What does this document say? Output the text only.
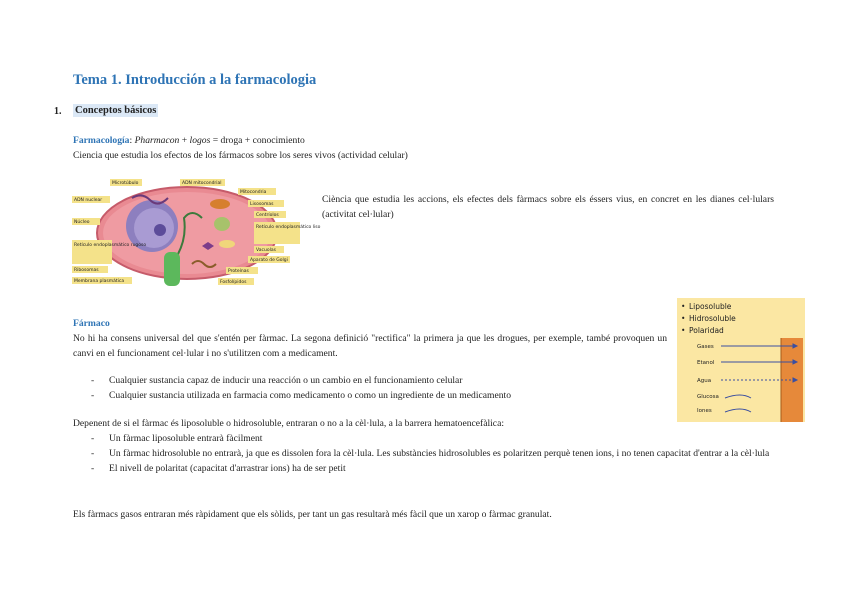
Tema 1. Introducción a la farmacologia
1. Conceptos básicos
Farmacología: Pharmacon + logos = droga + conocimiento
Ciencia que estudia los efectos de los fármacos sobre los seres vivos (actividad celular)
Microtúbulo	ADN mitocondrial
Mitocondria
Lisosomas
Centríolos
Retículo endoplasmático liso
Vacuolas
Aparato de Golgi
Proteínas
Fosfolípidos
ADN nuclear
Núcleo
Retículo endoplasmático rugoso
Ribosomas
Membrana plasmática
Ciència que estudia les accions, els efectes dels fàrmacs sobre els éssers vius, en concret en les dianes cel·lulars (activitat cel·lular)
• Liposoluble
• Hidrosoluble
• Polaridad
Gases
Etanol
Agua
Glucosa
Iones
Fármaco
No hi ha consens universal del que s'entén per fàrmac. La segona definició "rectifica" la primera ja que les drogues, per exemple, també provoquen un canvi en el funcionament cel·lular i no s'utilitzen com a medicament.
- Cualquier sustancia capaz de inducir una reacción o un cambio en el funcionamiento celular
- Cualquier sustancia utilizada en farmacia como medicamento o como un ingrediente de un medicamento
Depenent de si el fàrmac és liposoluble o hidrosoluble, entraran o no a la cèl·lula, a la barrera hematoencefàlica:
- Un fàrmac liposoluble entrarà fàcilment
- Un fàrmac hidrosoluble no entrarà, ja que es dissolen fora la cèl·lula. Les substàncies hidrosolubles es polaritzen perquè tenen ions, i no tenen capacitat d'entrar a la cèl·lula
- El nivell de polaritat (capacitat d'arrastrar ions) ha de ser petit
Els fàrmacs gasos entraran més ràpidament que els sòlids, per tant un gas resultarà més fàcil que un xarop o fàrmac granulat.
